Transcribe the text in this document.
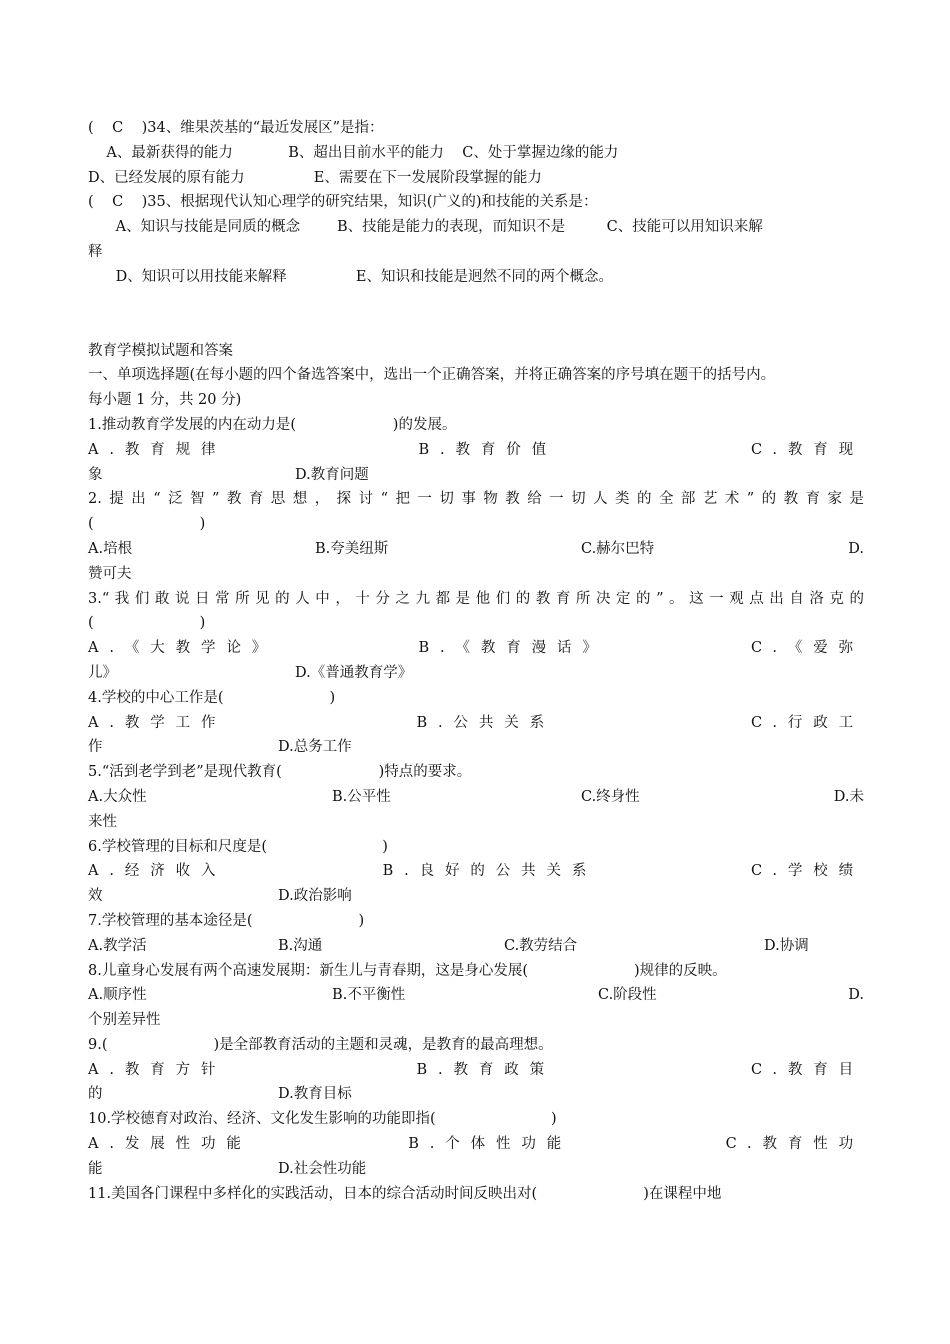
(    C    )34、维果茨基的“最近发展区”是指：
A、最新获得的能力            B、超出目前水平的能力    C、处于掌握边缘的能力
D、已经发展的原有能力               E、需要在下一发展阶段掌握的能力
(    C    )35、根据现代认知心理学的研究结果，知识(广义的)和技能的关系是：
A、知识与技能是同质的概念        B、技能是能力的表现，而知识不是         C、技能可以用知识来解
释
D、知识可以用技能来解释               E、知识和技能是迥然不同的两个概念。
教育学模拟试题和答案
一、单项选择题(在每小题的四个备选答案中，选出一个正确答案，并将正确答案的序号填在题干的括号内。
每小题 1 分，共 20 分)
1.推动教育学发展的内在动力是(                     )的发展。
A.教育规律	B.教育价值	C.教育现
象	D.教育问题
2.提出“泛智”教育思想，探讨“把一切事物教给一切人类的全部艺术”的教育家是
(                       )
A.培根	B.夸美纽斯	C.赫尔巴特	D.
赞可夫
3.“我们敢说日常所见的人中，十分之九都是他们的教育所决定的”。这一观点出自洛克的
(                       )
A.《大教学论》	B.《教育漫话》	C.《爱弥
儿》	D.《普通教育学》
4.学校的中心工作是(                       )
A.教学工作	B.公共关系	C.行政工
作	D.总务工作
5.“活到老学到老”是现代教育(                     )特点的要求。
A.大众性	B.公平性	C.终身性	D.未
来性
6.学校管理的目标和尺度是(                         )
A.经济收入	B.良好的公共关系	C.学校绩
效	D.政治影响
7.学校管理的基本途径是(                       )
A.教学活	B.沟通	C.教劳结合	D.协调
8.儿童身心发展有两个高速发展期：新生儿与青春期，这是身心发展(                       )规律的反映。
A.顺序性	B.不平衡性	C.阶段性	D.
个别差异性
9.(                       )是全部教育活动的主题和灵魂，是教育的最高理想。
A.教育方针	B.教育政策	C.教育目
的	D.教育目标
10.学校德育对政治、经济、文化发生影响的功能即指(                         )
A.发展性功能	B.个体性功能	C.教育性功
能	D.社会性功能
11.美国各门课程中多样化的实践活动，日本的综合活动时间反映出对(                       )在课程中地
